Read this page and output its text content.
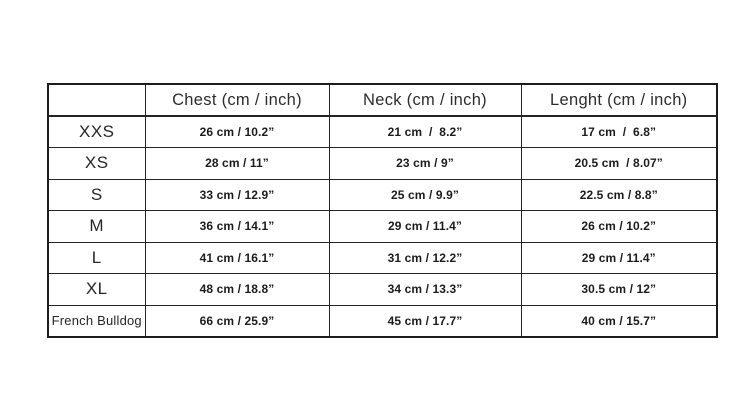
	Chest (cm / inch)	Neck (cm / inch)	Lenght (cm / inch)
XXS	26 cm / 10.2”	21 cm  /  8.2”	17 cm  /  6.8”
XS	28 cm / 11”	23 cm / 9”	20.5 cm  / 8.07”
S	33 cm / 12.9”	25 cm / 9.9”	22.5 cm / 8.8”
M	36 cm / 14.1”	29 cm / 11.4”	26 cm / 10.2”
L	41 cm / 16.1”	31 cm / 12.2”	29 cm / 11.4”
XL	48 cm / 18.8”	34 cm / 13.3”	30.5 cm / 12”
French Bulldog	66 cm / 25.9”	45 cm / 17.7”	40 cm / 15.7”
